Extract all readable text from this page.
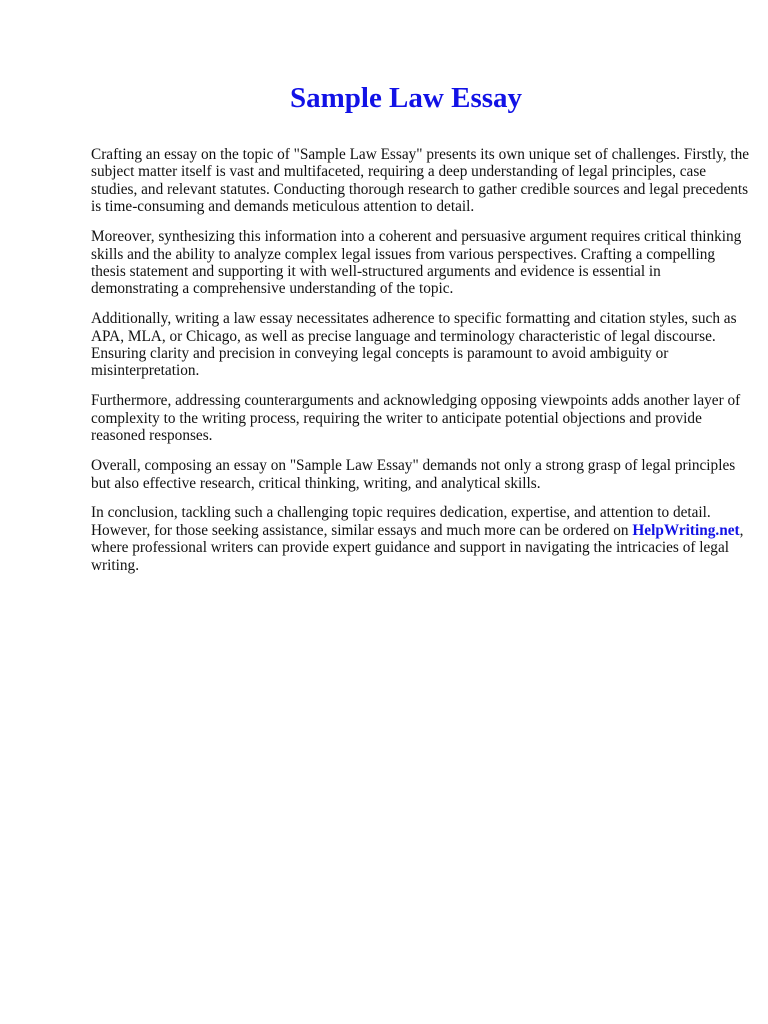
Sample Law Essay

Crafting an essay on the topic of "Sample Law Essay" presents its own unique set of challenges. Firstly, the subject matter itself is vast and multifaceted, requiring a deep understanding of legal principles, case studies, and relevant statutes. Conducting thorough research to gather credible sources and legal precedents is time-consuming and demands meticulous attention to detail.

Moreover, synthesizing this information into a coherent and persuasive argument requires critical thinking skills and the ability to analyze complex legal issues from various perspectives. Crafting a compelling thesis statement and supporting it with well-structured arguments and evidence is essential in demonstrating a comprehensive understanding of the topic.

Additionally, writing a law essay necessitates adherence to specific formatting and citation styles, such as APA, MLA, or Chicago, as well as precise language and terminology characteristic of legal discourse. Ensuring clarity and precision in conveying legal concepts is paramount to avoid ambiguity or misinterpretation.

Furthermore, addressing counterarguments and acknowledging opposing viewpoints adds another layer of complexity to the writing process, requiring the writer to anticipate potential objections and provide reasoned responses.

Overall, composing an essay on "Sample Law Essay" demands not only a strong grasp of legal principles but also effective research, critical thinking, writing, and analytical skills.

In conclusion, tackling such a challenging topic requires dedication, expertise, and attention to detail. However, for those seeking assistance, similar essays and much more can be ordered on HelpWriting.net, where professional writers can provide expert guidance and support in navigating the intricacies of legal writing.
